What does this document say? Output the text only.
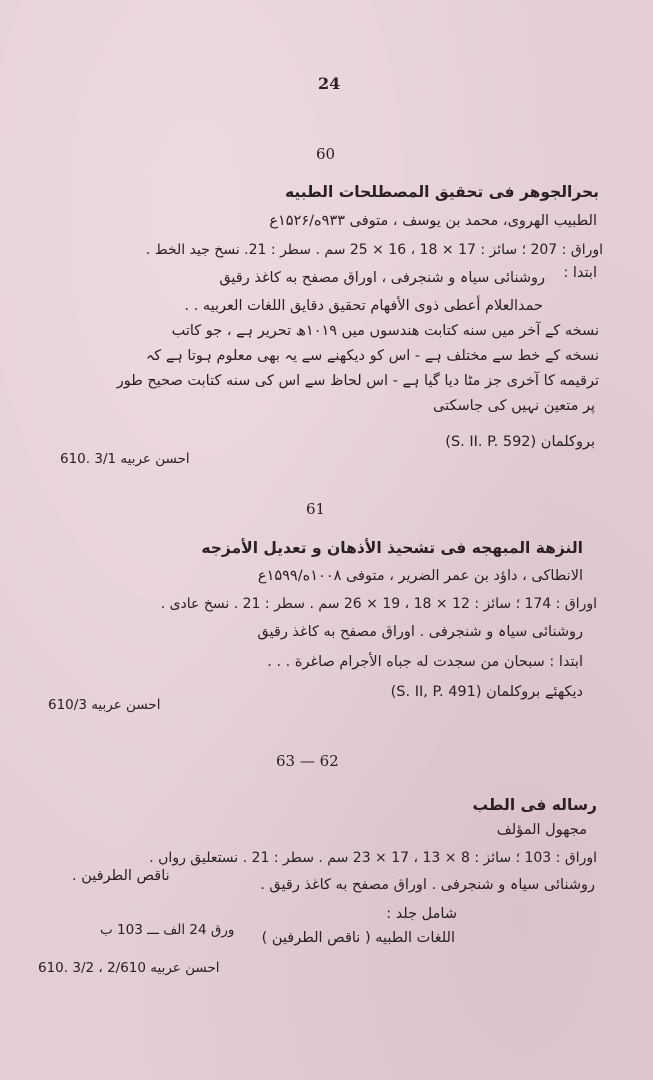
24
60
بحرالجوهر فی تحقیق المصطلحات الطبیه
الطبیب الهروی، محمد بن یوسف ، متوفی ۹۳۳ه/۱۵۲۶ع
اوراق : 207 ؛ سائز : 17 × 18 ، 16 × 25 سم . سطر : 21. نسخ جید الخط .
روشنائی سیاہ و شنجرفی ، اوراق مصفح به کاغذ رقیق ابتدا :
حمدالعلام أعطی ذوی الأفهام تحقیق دقایق اللغات العربیه . .
نسخه کے آخر میں سنه کتابت هندسوں میں ۱۰۱۹ھ تحریر ہے ، جو کاتب
نسخه کے خط سے مختلف ہے - اس کو دیکھنے سے یہ بھی معلوم ہوتا ہے کہ
ترقیمه کا آخری جز مٹا دیا گیا ہے - اس لحاظ سے اس کی سنه کتابت صحیح طور
پر متعین نہیں کی جاسکتی
بروکلمان (S. II. P. 592)
احسن عربیه 3/1 .610
61
النزهة المبهجه فی تشحیذ الأذهان و تعدیل الأمزجه
الانطاکی ، داؤد بن عمر الضریر ، متوفی ۱۰۰۸ه/۱۵۹۹ع
اوراق : 174 ؛ سائز : 12 × 18 ، 19 × 26 سم . سطر : 21 . نسخ عادی .
روشنائی سیاہ و شنجرفی . اوراق مصفح به کاغذ رقیق
ابتدا : سبحان من سجدت له جباه الأجرام صاغرة . . .
دیکھئے بروکلمان (S. II, P. 491)
احسن عربیه 610/3
63 — 62
رساله فی الطب
مجهول المؤلف
اوراق : 103 ؛ سائز : 8 × 13 ، 17 × 23 سم . سطر : 21 . نستعلیق رواں .
روشنائی سیاہ و شنجرفی . اوراق مصفح به کاغذ رقیق .
ناقص الطرفین .
شامل جلد :
ورق 24 الف ـــ 103 ب اللغات الطبیه ( ناقص الطرفین )
احسن عربیه 2/610 ، 3/2 .610
